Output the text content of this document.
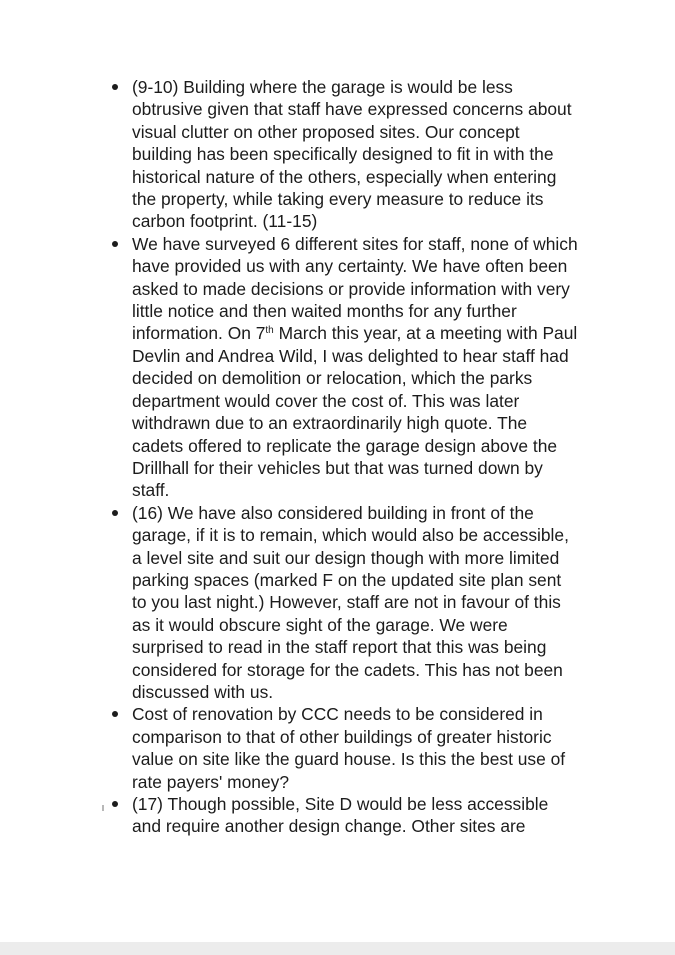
(9-10) Building where the garage is would be less
obtrusive given that staff have expressed concerns about
visual clutter on other proposed sites. Our concept
building has been specifically designed to fit in with the
historical nature of the others, especially when entering
the property, while taking every measure to reduce its
carbon footprint. (11-15)
We have surveyed 6 different sites for staff, none of which
have provided us with any certainty. We have often been
asked to made decisions or provide information with very
little notice and then waited months for any further
information. On 7th March this year, at a meeting with Paul
Devlin and Andrea Wild, I was delighted to hear staff had
decided on demolition or relocation, which the parks
department would cover the cost of. This was later
withdrawn due to an extraordinarily high quote. The
cadets offered to replicate the garage design above the
Drillhall for their vehicles but that was turned down by
staff.
(16) We have also considered building in front of the
garage, if it is to remain, which would also be accessible,
a level site and suit our design though with more limited
parking spaces (marked F on the updated site plan sent
to you last night.) However, staff are not in favour of this
as it would obscure sight of the garage. We were
surprised to read in the staff report that this was being
considered for storage for the cadets. This has not been
discussed with us.
Cost of renovation by CCC needs to be considered in
comparison to that of other buildings of greater historic
value on site like the guard house. Is this the best use of
rate payers' money?
(17) Though possible, Site D would be less accessible
and require another design change. Other sites are
